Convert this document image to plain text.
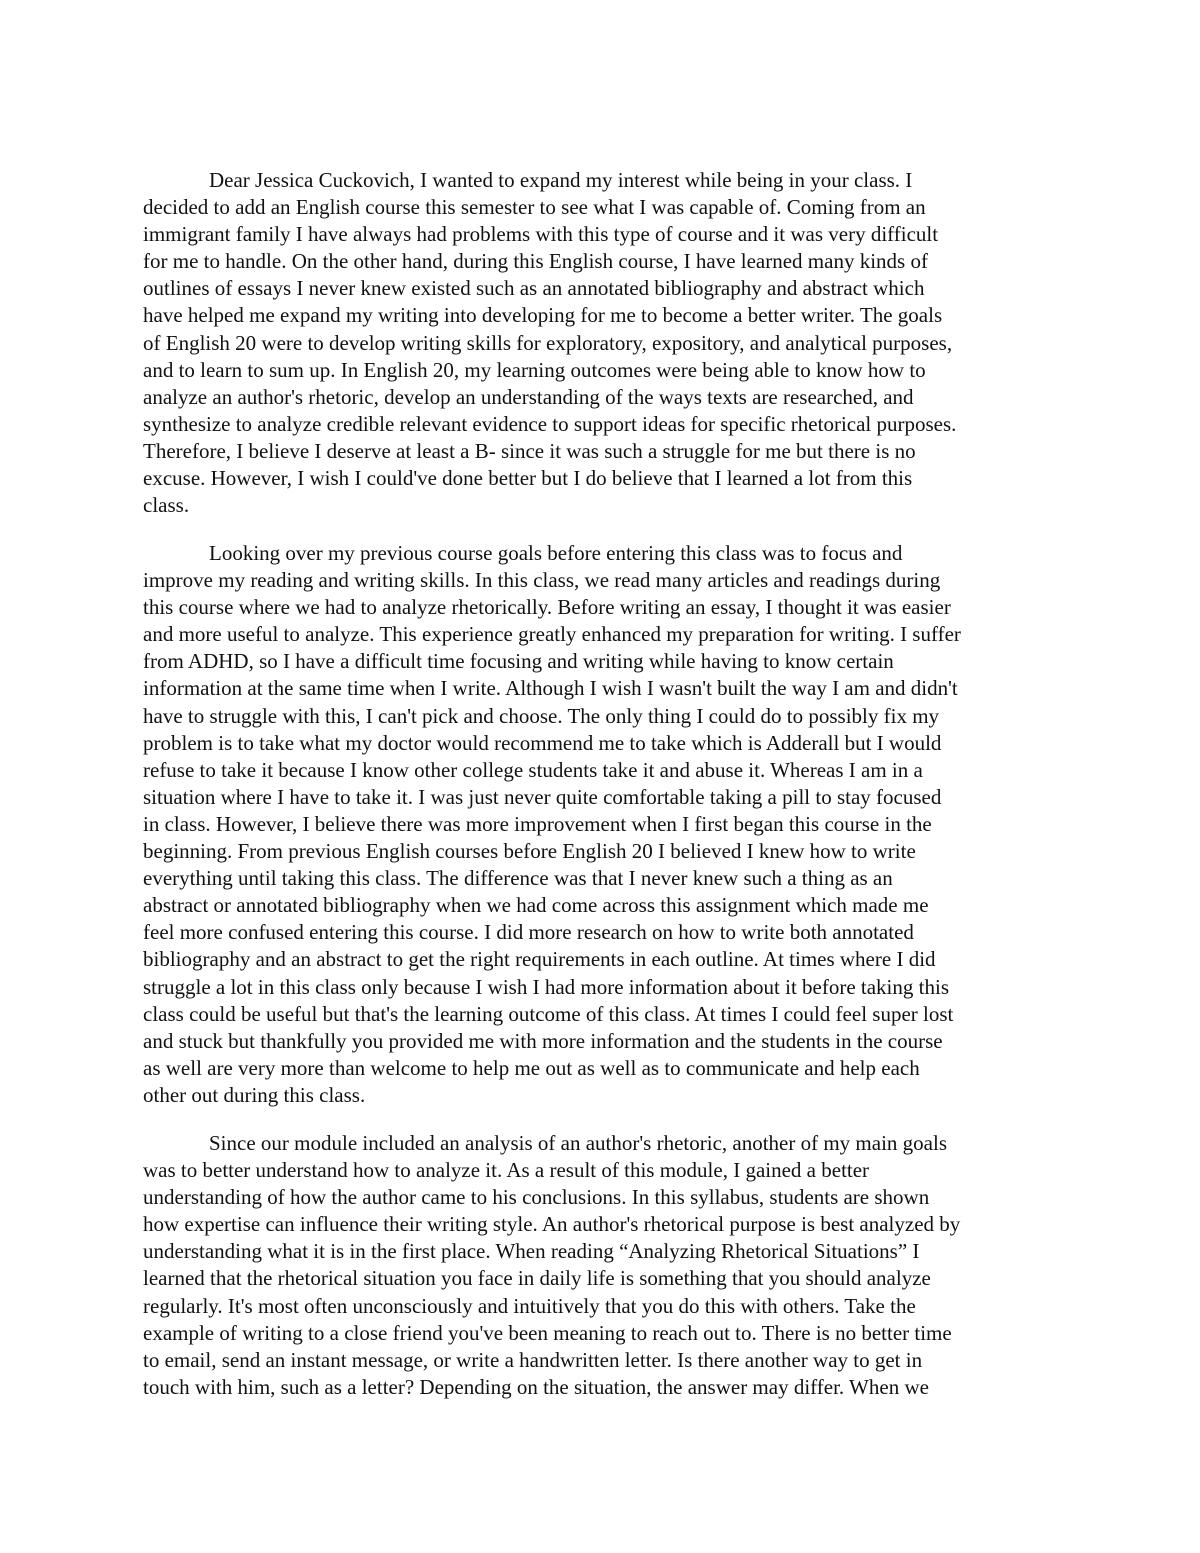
Dear Jessica Cuckovich, I wanted to expand my interest while being in your class. I
decided to add an English course this semester to see what I was capable of. Coming from an
immigrant family I have always had problems with this type of course and it was very difficult
for me to handle. On the other hand, during this English course, I have learned many kinds of
outlines of essays I never knew existed such as an annotated bibliography and abstract which
have helped me expand my writing into developing for me to become a better writer. The goals
of English 20 were to develop writing skills for exploratory, expository, and analytical purposes,
and to learn to sum up. In English 20, my learning outcomes were being able to know how to
analyze an author's rhetoric, develop an understanding of the ways texts are researched, and
synthesize to analyze credible relevant evidence to support ideas for specific rhetorical purposes.
Therefore, I believe I deserve at least a B- since it was such a struggle for me but there is no
excuse. However, I wish I could've done better but I do believe that I learned a lot from this
class.
Looking over my previous course goals before entering this class was to focus and
improve my reading and writing skills. In this class, we read many articles and readings during
this course where we had to analyze rhetorically. Before writing an essay, I thought it was easier
and more useful to analyze. This experience greatly enhanced my preparation for writing. I suffer
from ADHD, so I have a difficult time focusing and writing while having to know certain
information at the same time when I write. Although I wish I wasn't built the way I am and didn't
have to struggle with this, I can't pick and choose. The only thing I could do to possibly fix my
problem is to take what my doctor would recommend me to take which is Adderall but I would
refuse to take it because I know other college students take it and abuse it. Whereas I am in a
situation where I have to take it. I was just never quite comfortable taking a pill to stay focused
in class. However, I believe there was more improvement when I first began this course in the
beginning. From previous English courses before English 20 I believed I knew how to write
everything until taking this class. The difference was that I never knew such a thing as an
abstract or annotated bibliography when we had come across this assignment which made me
feel more confused entering this course. I did more research on how to write both annotated
bibliography and an abstract to get the right requirements in each outline. At times where I did
struggle a lot in this class only because I wish I had more information about it before taking this
class could be useful but that's the learning outcome of this class. At times I could feel super lost
and stuck but thankfully you provided me with more information and the students in the course
as well are very more than welcome to help me out as well as to communicate and help each
other out during this class.
Since our module included an analysis of an author's rhetoric, another of my main goals
was to better understand how to analyze it. As a result of this module, I gained a better
understanding of how the author came to his conclusions. In this syllabus, students are shown
how expertise can influence their writing style. An author's rhetorical purpose is best analyzed by
understanding what it is in the first place. When reading “Analyzing Rhetorical Situations” I
learned that the rhetorical situation you face in daily life is something that you should analyze
regularly. It's most often unconsciously and intuitively that you do this with others. Take the
example of writing to a close friend you've been meaning to reach out to. There is no better time
to email, send an instant message, or write a handwritten letter. Is there another way to get in
touch with him, such as a letter? Depending on the situation, the answer may differ. When we
